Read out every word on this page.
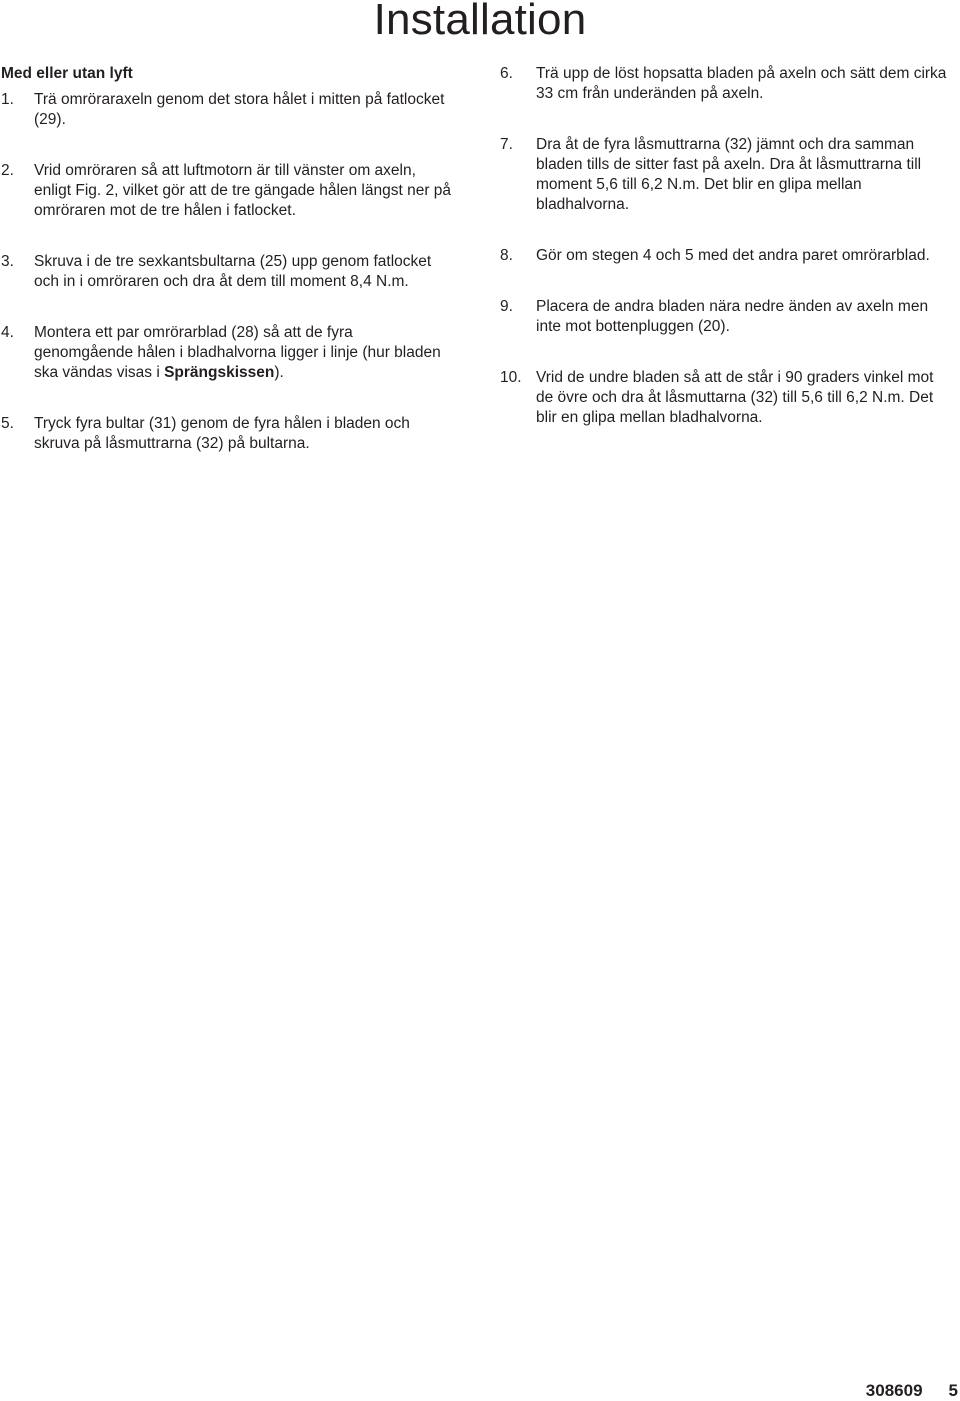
Installation
Med eller utan lyft
1.	Trä omröraraxeln genom det stora hålet i mitten på fatlocket (29).
2.	Vrid omröraren så att luftmotorn är till vänster om axeln, enligt Fig. 2, vilket gör att de tre gängade hålen längst ner på omröraren mot de tre hålen i fatlocket.
3.	Skruva i de tre sexkantsbultarna (25) upp genom fatlocket och in i omröraren och dra åt dem till moment 8,4 N.m.
4.	Montera ett par omrörarblad (28) så att de fyra genomgående hålen i bladhalvorna ligger i linje (hur bladen ska vändas visas i Sprängskissen).
5.	Tryck fyra bultar (31) genom de fyra hålen i bladen och skruva på låsmuttrarna (32) på bultarna.
6.	Trä upp de löst hopsatta bladen på axeln och sätt dem cirka 33 cm från underänden på axeln.
7.	Dra åt de fyra låsmuttrarna (32) jämnt och dra samman bladen tills de sitter fast på axeln. Dra åt låsmuttrarna till moment 5,6 till 6,2 N.m. Det blir en glipa mellan bladhalvorna.
8.	Gör om stegen 4 och 5 med det andra paret omrörarblad.
9.	Placera de andra bladen nära nedre änden av axeln men inte mot bottenpluggen (20).
10. Vrid de undre bladen så att de står i 90 graders vinkel mot de övre och dra åt låsmuttarna (32) till 5,6 till 6,2 N.m. Det blir en glipa mellan bladhalvorna.
308609 5
